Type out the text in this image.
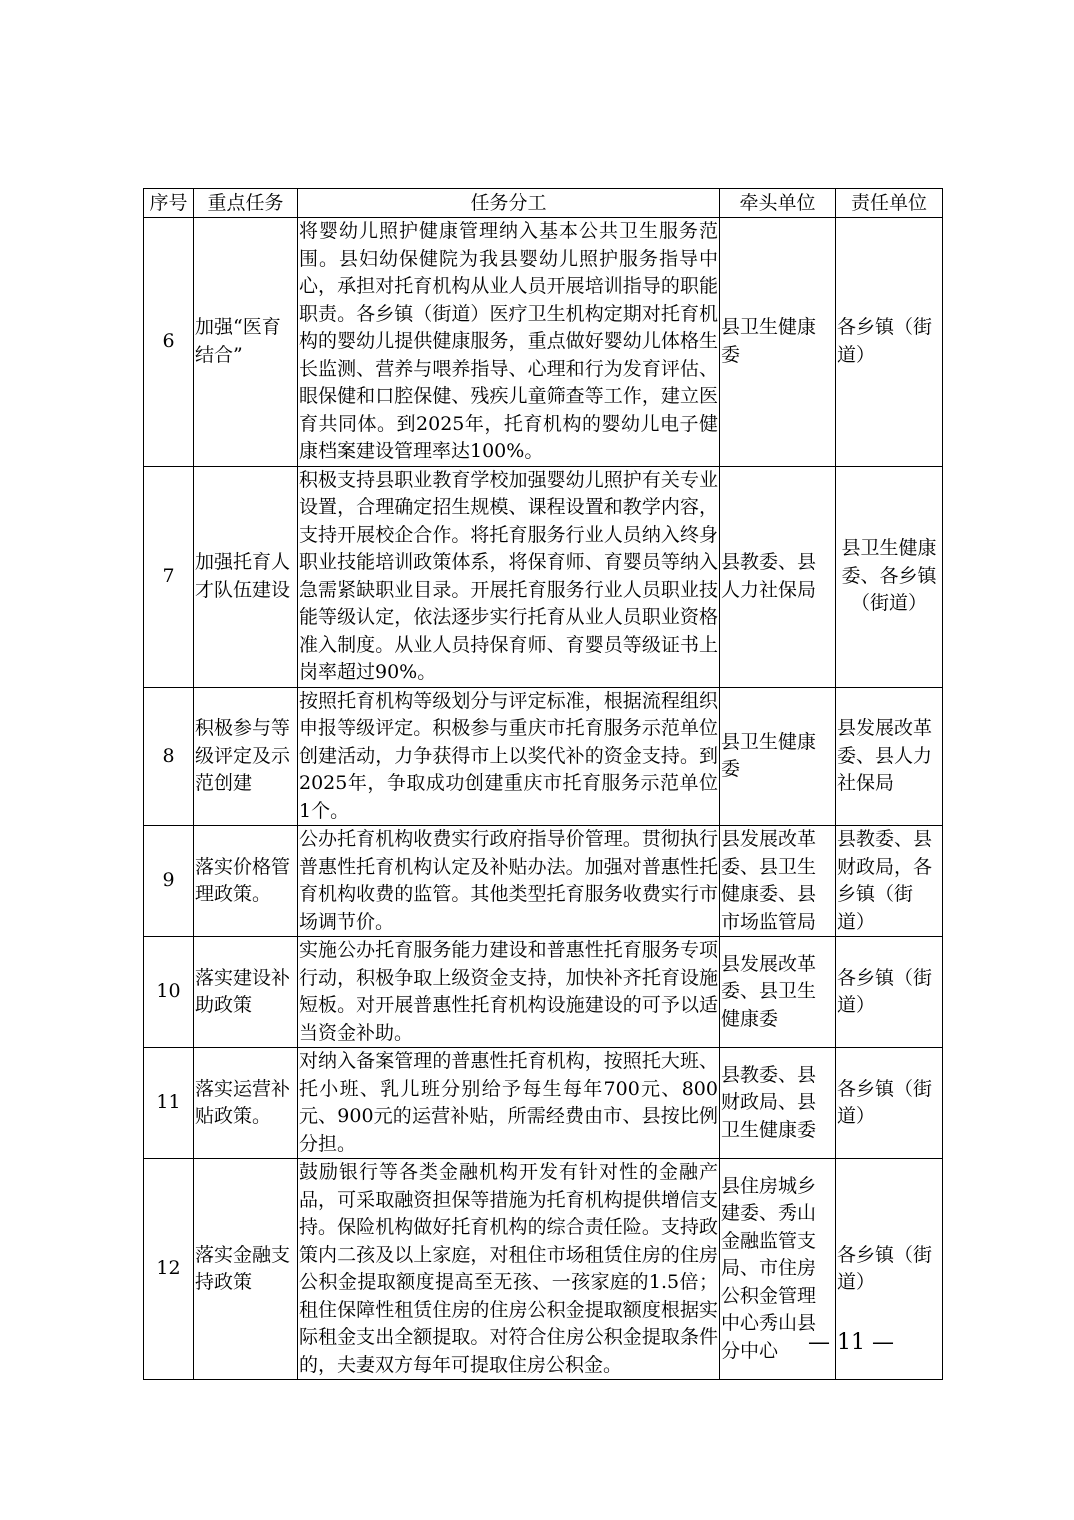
序号	重点任务	任务分工	牵头单位	责任单位
6	加强“医育结合”	将婴幼儿照护健康管理纳入基本公共卫生服务范围。县妇幼保健院为我县婴幼儿照护服务指导中心，承担对托育机构从业人员开展培训指导的职能职责。各乡镇（街道）医疗卫生机构定期对托育机构的婴幼儿提供健康服务，重点做好婴幼儿体格生长监测、营养与喂养指导、心理和行为发育评估、眼保健和口腔保健、残疾儿童筛查等工作，建立医育共同体。到2025年，托育机构的婴幼儿电子健康档案建设管理率达100%。	县卫生健康委	各乡镇（街道）
7	加强托育人才队伍建设	积极支持县职业教育学校加强婴幼儿照护有关专业设置，合理确定招生规模、课程设置和教学内容，支持开展校企合作。将托育服务行业人员纳入终身职业技能培训政策体系，将保育师、育婴员等纳入急需紧缺职业目录。开展托育服务行业人员职业技能等级认定，依法逐步实行托育从业人员职业资格准入制度。从业人员持保育师、育婴员等级证书上岗率超过90%。	县教委、县人力社保局	县卫生健康委、各乡镇（街道）
8	积极参与等级评定及示范创建	按照托育机构等级划分与评定标准，根据流程组织申报等级评定。积极参与重庆市托育服务示范单位创建活动，力争获得市上以奖代补的资金支持。到2025年，争取成功创建重庆市托育服务示范单位1个。	县卫生健康委	县发展改革委、县人力社保局
9	落实价格管理政策。	公办托育机构收费实行政府指导价管理。贯彻执行普惠性托育机构认定及补贴办法。加强对普惠性托育机构收费的监管。其他类型托育服务收费实行市场调节价。	县发展改革委、县卫生健康委、县市场监管局	县教委、县财政局，各乡镇（街道）
10	落实建设补助政策	实施公办托育服务能力建设和普惠性托育服务专项行动，积极争取上级资金支持，加快补齐托育设施短板。对开展普惠性托育机构设施建设的可予以适当资金补助。	县发展改革委、县卫生健康委	各乡镇（街道）
11	落实运营补贴政策。	对纳入备案管理的普惠性托育机构，按照托大班、托小班、乳儿班分别给予每生每年700元、800元、900元的运营补贴，所需经费由市、县按比例分担。	县教委、县财政局、县卫生健康委	各乡镇（街道）
12	落实金融支持政策	鼓励银行等各类金融机构开发有针对性的金融产品，可采取融资担保等措施为托育机构提供增信支持。保险机构做好托育机构的综合责任险。支持政策内二孩及以上家庭，对租住市场租赁住房的住房公积金提取额度提高至无孩、一孩家庭的1.5倍；租住保障性租赁住房的住房公积金提取额度根据实际租金支出全额提取。对符合住房公积金提取条件的，夫妻双方每年可提取住房公积金。	县住房城乡建委、秀山金融监管支局、市住房公积金管理中心秀山县分中心	各乡镇（街道）
— 11 —
